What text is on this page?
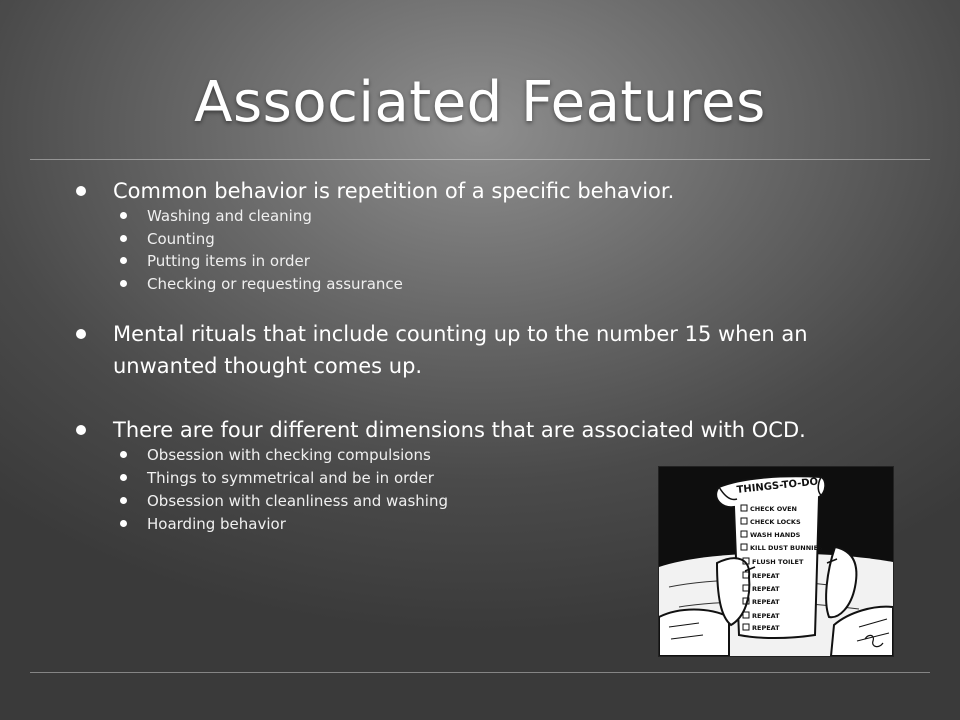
Associated Features
Common behavior is repetition of a specific behavior.
Washing and cleaning
Counting
Putting items in order
Checking or requesting assurance
Mental rituals that include counting up to the number 15 when an unwanted thought comes up.
There are four different dimensions that are associated with OCD.
Obsession with checking compulsions
Things to symmetrical and be in order
Obsession with cleanliness and washing
Hoarding behavior
THINGS-TO-DO
CHECK OVEN
CHECK LOCKS
WASH HANDS
KILL DUST BUNNIES
FLUSH TOILET
REPEAT
REPEAT
REPEAT
REPEAT
REPEAT
